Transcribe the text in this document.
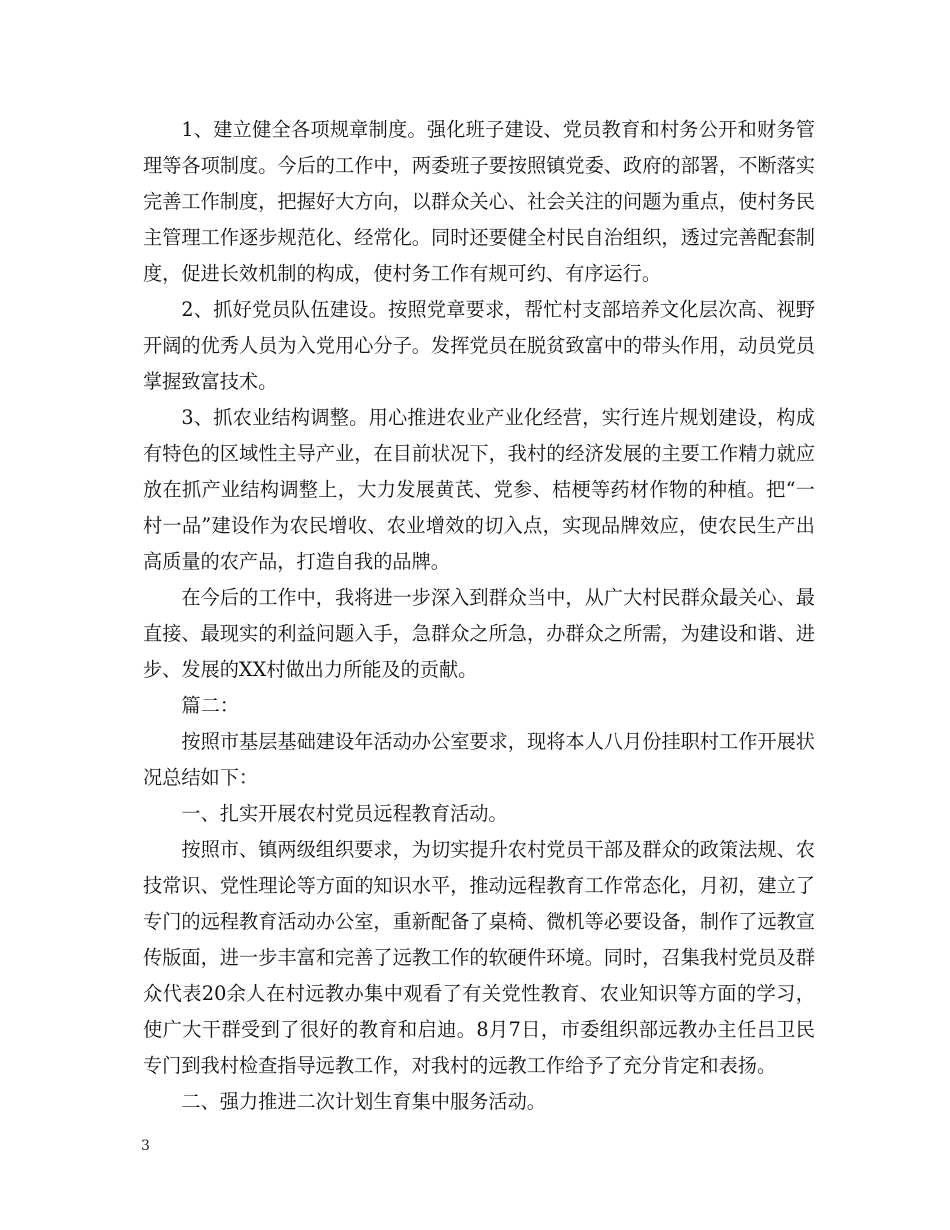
1、建立健全各项规章制度。强化班子建设、党员教育和村务公开和财务管理等各项制度。今后的工作中，两委班子要按照镇党委、政府的部署，不断落实完善工作制度，把握好大方向，以群众关心、社会关注的问题为重点，使村务民主管理工作逐步规范化、经常化。同时还要健全村民自治组织，透过完善配套制度，促进长效机制的构成，使村务工作有规可约、有序运行。

2、抓好党员队伍建设。按照党章要求，帮忙村支部培养文化层次高、视野开阔的优秀人员为入党用心分子。发挥党员在脱贫致富中的带头作用，动员党员掌握致富技术。

3、抓农业结构调整。用心推进农业产业化经营，实行连片规划建设，构成有特色的区域性主导产业，在目前状况下，我村的经济发展的主要工作精力就应放在抓产业结构调整上，大力发展黄芪、党参、桔梗等药材作物的种植。把“一村一品”建设作为农民增收、农业增效的切入点，实现品牌效应，使农民生产出高质量的农产品，打造自我的品牌。

在今后的工作中，我将进一步深入到群众当中，从广大村民群众最关心、最直接、最现实的利益问题入手，急群众之所急，办群众之所需，为建设和谐、进步、发展的XX村做出力所能及的贡献。

篇二：

按照市基层基础建设年活动办公室要求，现将本人八月份挂职村工作开展状况总结如下：

一、扎实开展农村党员远程教育活动。

按照市、镇两级组织要求，为切实提升农村党员干部及群众的政策法规、农技常识、党性理论等方面的知识水平，推动远程教育工作常态化，月初，建立了专门的远程教育活动办公室，重新配备了桌椅、微机等必要设备，制作了远教宣传版面，进一步丰富和完善了远教工作的软硬件环境。同时，召集我村党员及群众代表20余人在村远教办集中观看了有关党性教育、农业知识等方面的学习，使广大干群受到了很好的教育和启迪。8月7日，市委组织部远教办主任吕卫民专门到我村检查指导远教工作，对我村的远教工作给予了充分肯定和表扬。

二、强力推进二次计划生育集中服务活动。

3
